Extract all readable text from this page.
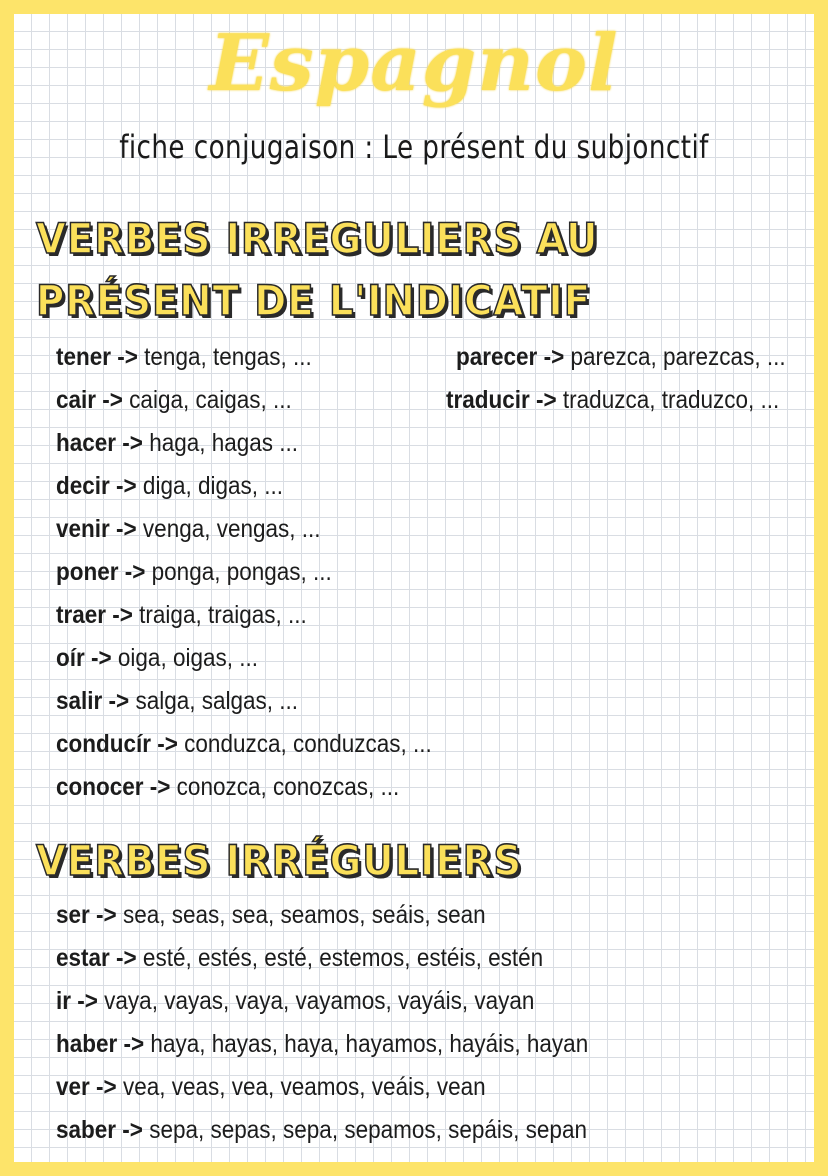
Espagnol
fiche conjugaison : Le présent du subjonctif
VERBES IRREGULIERS AU PRÉSENT DE L'INDICATIF
tener -> tenga, tengas, ...
cair -> caiga, caigas, ...
hacer -> haga, hagas ...
decir -> diga, digas, ...
venir -> venga, vengas, ...
poner -> ponga, pongas, ...
traer -> traiga, traigas, ...
oír -> oiga, oigas, ...
salir -> salga, salgas, ...
conducír -> conduzca, conduzcas, ...
conocer -> conozca, conozcas, ...
parecer -> parezca, parezcas, ...
traducir -> traduzca, traduzco, ...
VERBES IRRÉGULIERS
ser -> sea, seas, sea, seamos, seáis, sean
estar -> esté, estés, esté, estemos, estéis, estén
ir -> vaya, vayas, vaya, vayamos, vayáis, vayan
haber -> haya, hayas, haya, hayamos, hayáis, hayan
ver -> vea, veas, vea, veamos, veáis, vean
saber -> sepa, sepas, sepa, sepamos, sepáis, sepan
